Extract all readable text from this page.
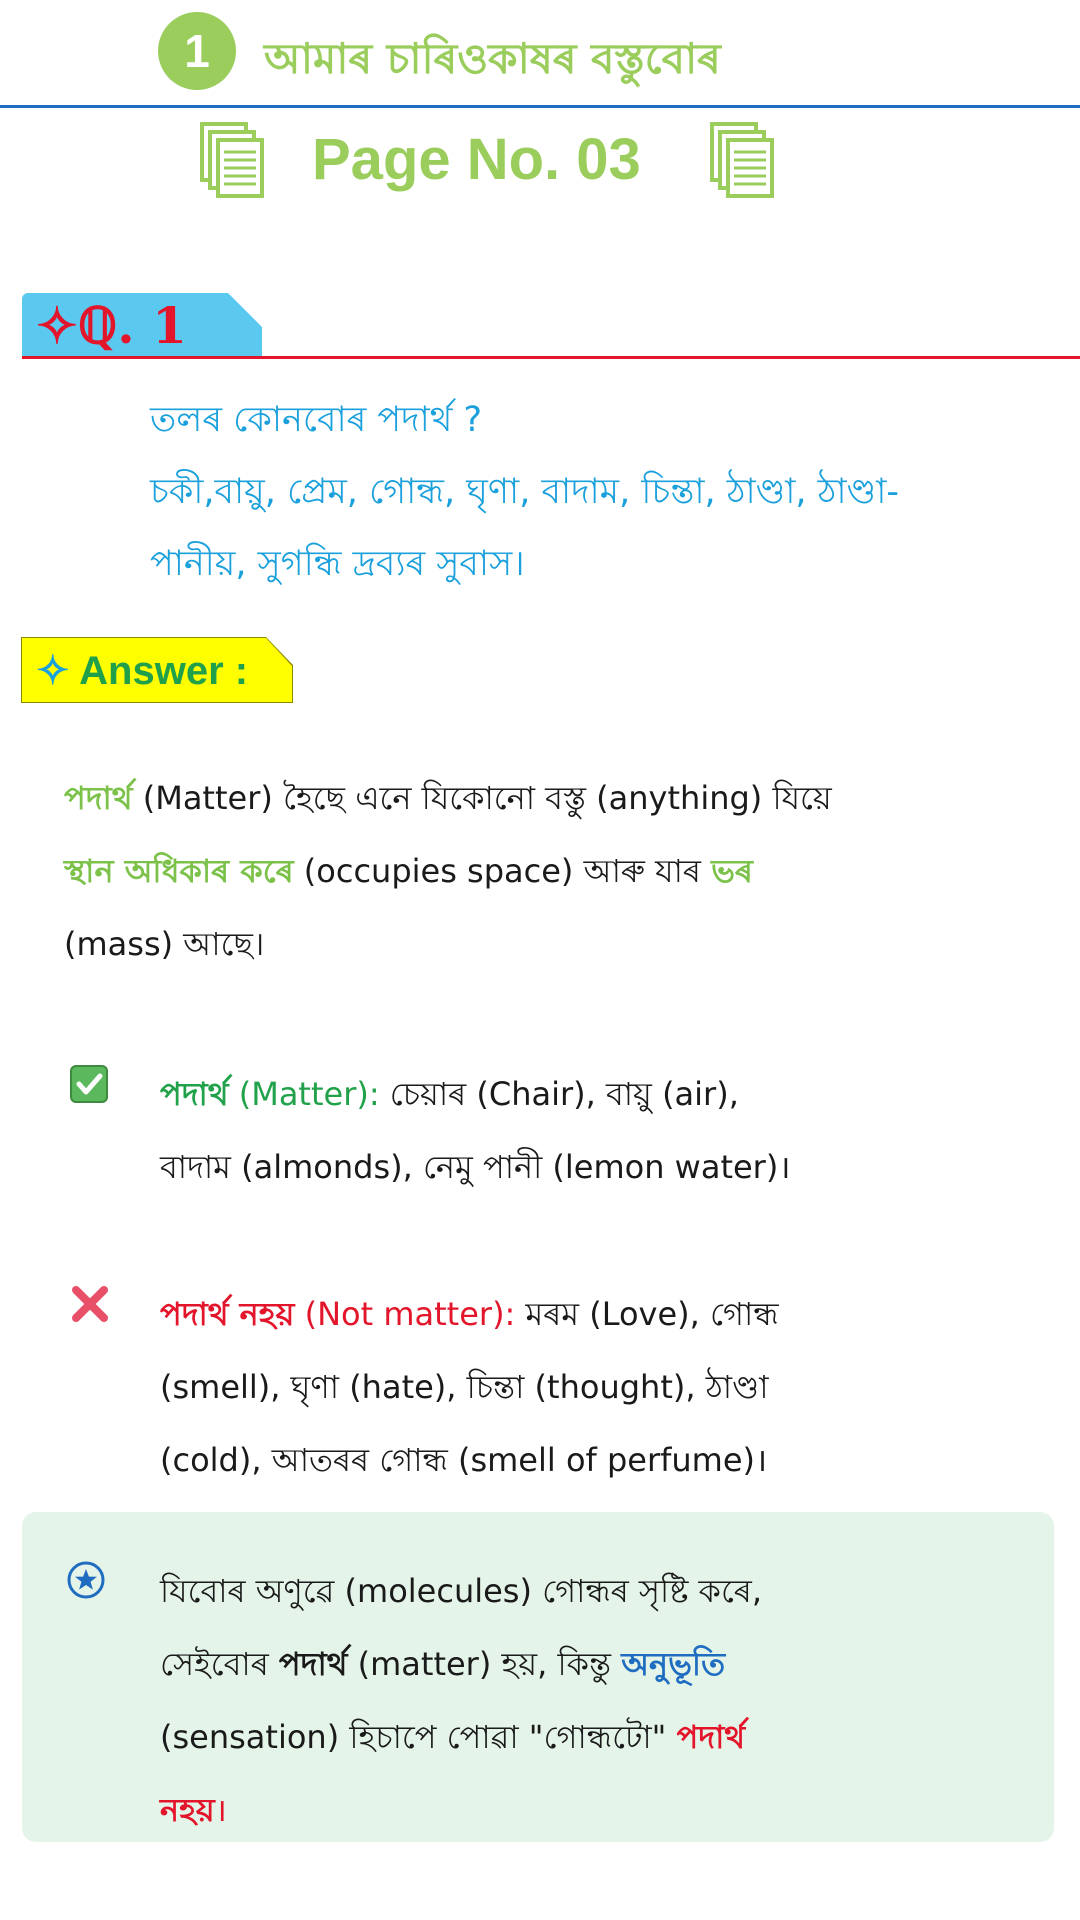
1	আমাৰ চাৰিওকাষৰ বস্তুবোৰ
Page No. 03
✧ℚ. 1
তলৰ কোনবোৰ পদাৰ্থ ?
চকী,বায়ু, প্ৰেম, গোন্ধ, ঘৃণা, বাদাম, চিন্তা, ঠাণ্ডা, ঠাণ্ডা-
পানীয়, সুগন্ধি দ্ৰব্যৰ সুবাস।
✧ Answer :
পদাৰ্থ (Matter) হৈছে এনে যিকোনো বস্তু (anything) যিয়ে
স্থান অধিকাৰ কৰে (occupies space) আৰু যাৰ ভৰ
(mass) আছে।
পদাৰ্থ (Matter): চেয়াৰ (Chair), বায়ু (air),
বাদাম (almonds), নেমু পানী (lemon water)।
পদাৰ্থ নহয় (Not matter): মৰম (Love), গোন্ধ
(smell), ঘৃণা (hate), চিন্তা (thought), ঠাণ্ডা
(cold), আতৰৰ গোন্ধ (smell of perfume)।
যিবোৰ অণুৱে (molecules) গোন্ধৰ সৃষ্টি কৰে,
সেইবোৰ পদাৰ্থ (matter) হয়, কিন্তু অনুভূতি
(sensation) হিচাপে পোৱা "গোন্ধটো" পদাৰ্থ
নহয়।
